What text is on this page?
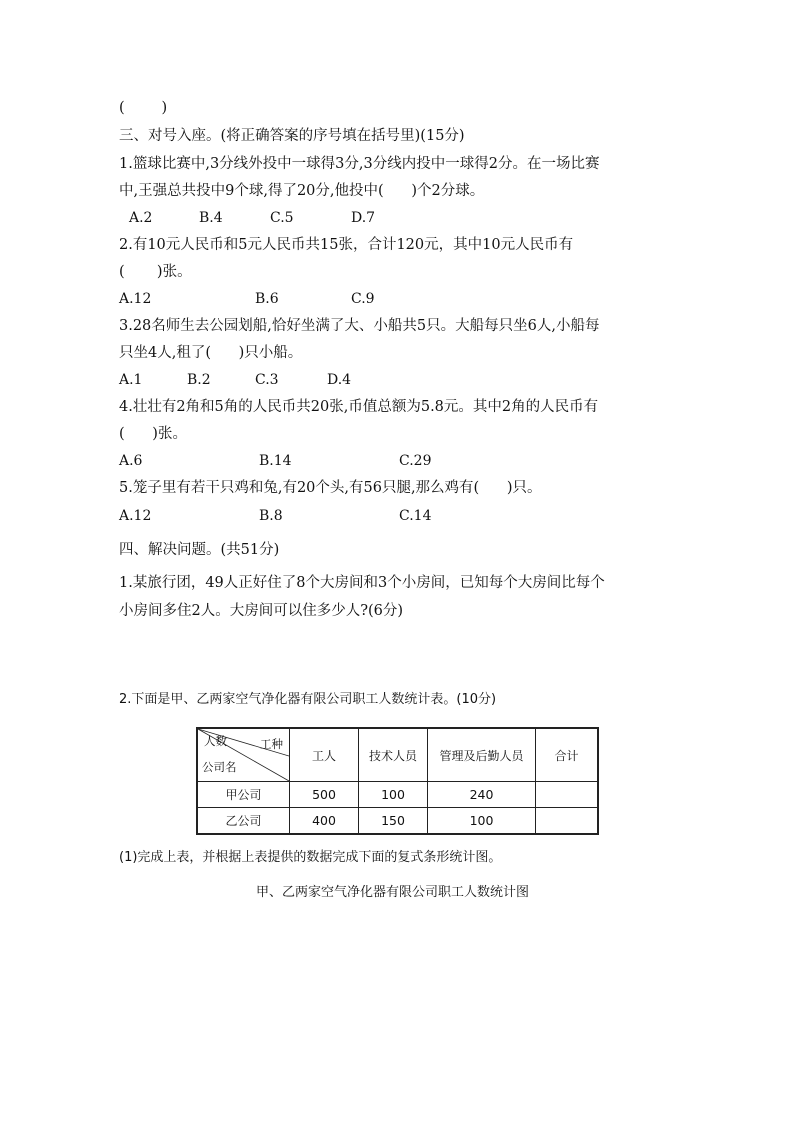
(        )
三、对号入座。(将正确答案的序号填在括号里)(15分)
1.篮球比赛中,3分线外投中一球得3分,3分线内投中一球得2分。在一场比赛
中,王强总共投中9个球,得了20分,他投中(      )个2分球。
A.2	B.4	C.5	D.7
2.有10元人民币和5元人民币共15张，合计120元，其中10元人民币有
(       )张。
A.12	B.6	C.9
3.28名师生去公园划船,恰好坐满了大、小船共5只。大船每只坐6人,小船每
只坐4人,租了(      )只小船。
A.1	B.2	C.3	D.4
4.壮壮有2角和5角的人民币共20张,币值总额为5.8元。其中2角的人民币有
(      )张。
A.6	B.14	C.29
5.笼子里有若干只鸡和兔,有20个头,有56只腿,那么鸡有(      )只。
A.12	B.8	C.14
四、解决问题。(共51分)
1.某旅行团，49人正好住了8个大房间和3个小房间，已知每个大房间比每个
小房间多住2人。大房间可以住多少人?(6分)
2.下面是甲、乙两家空气净化器有限公司职工人数统计表。(10分)
人数 工种
公司名	工人	技术人员	管理及后勤人员	合计
甲公司	500	100	240	
乙公司	400	150	100	
(1)完成上表，并根据上表提供的数据完成下面的复式条形统计图。
甲、乙两家空气净化器有限公司职工人数统计图
